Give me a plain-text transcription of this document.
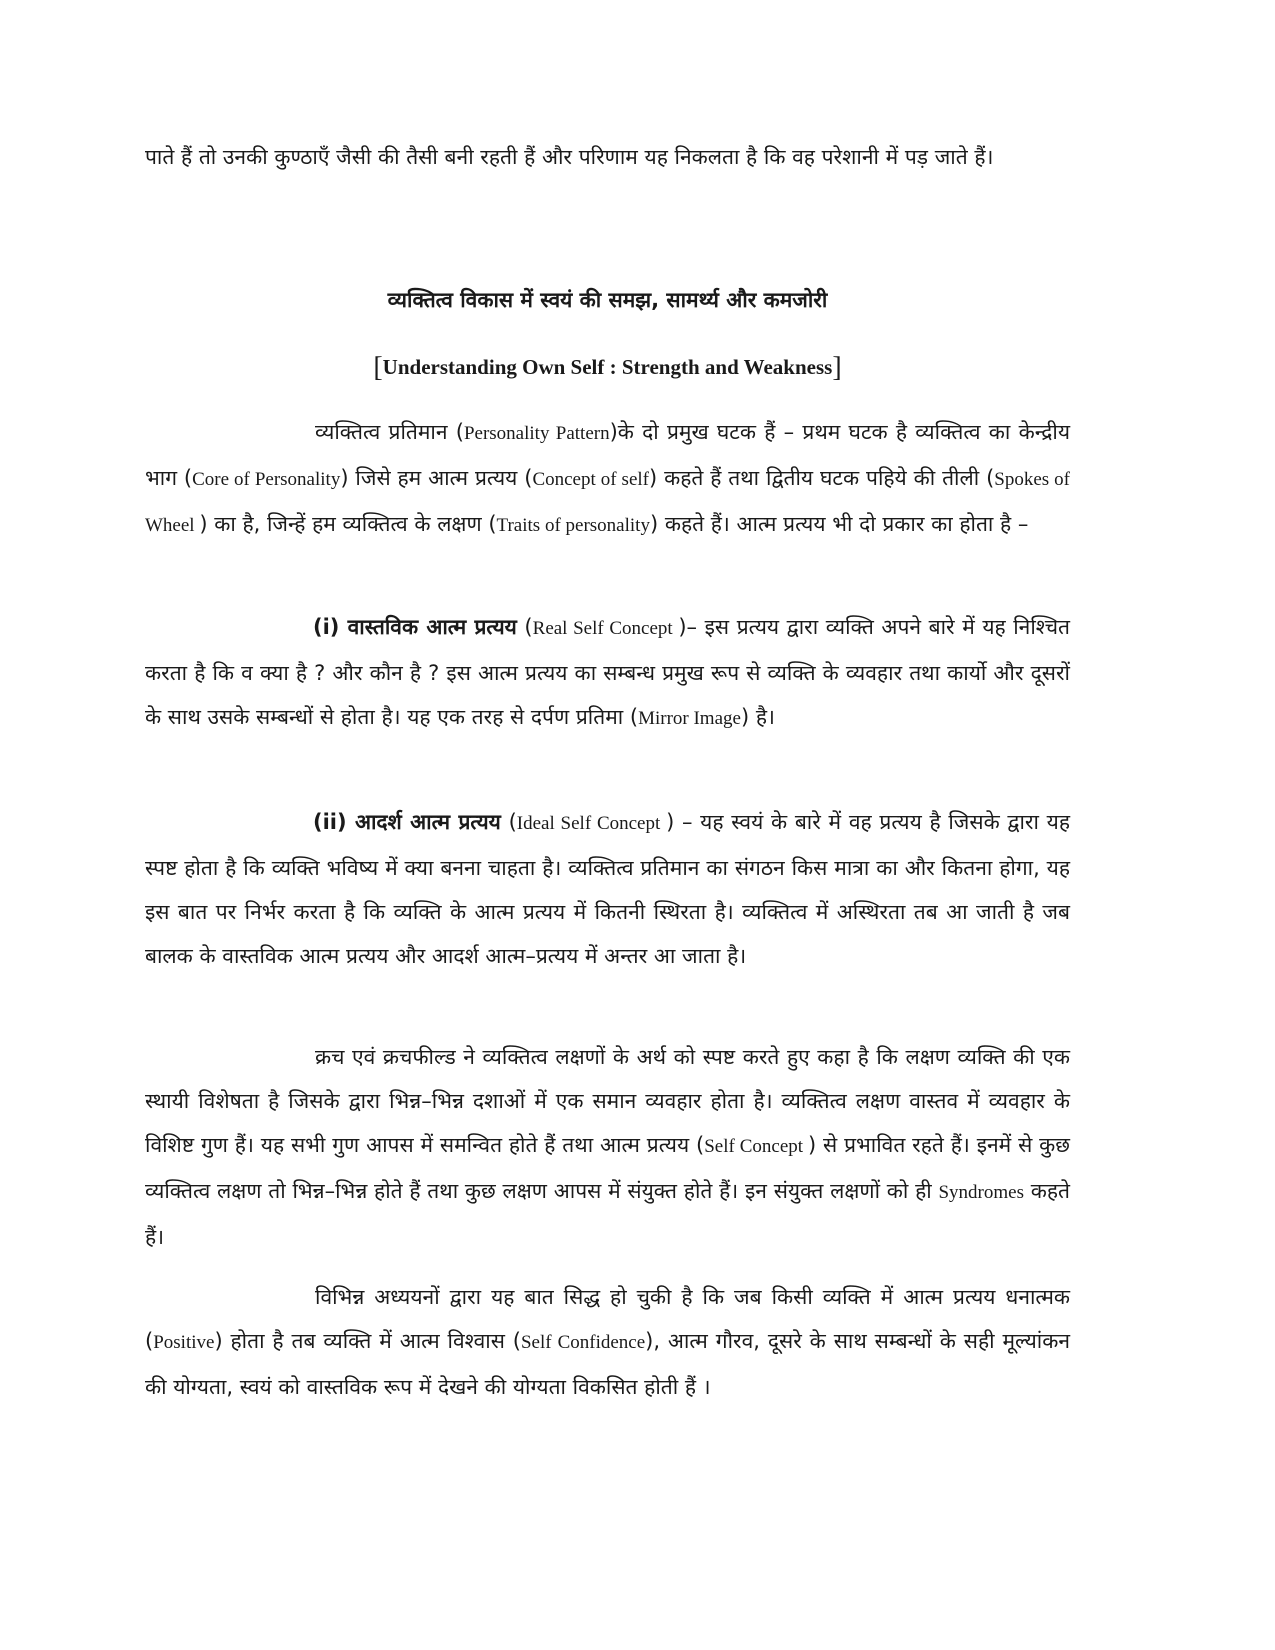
पाते हैं तो उनकी कुण्ठाएँ जैसी की तैसी बनी रहती हैं और परिणाम यह निकलता है कि वह परेशानी में पड़ जाते हैं।

व्यक्तित्व विकास में स्वयं की समझ, सामर्थ्य और कमजोरी
[Understanding Own Self : Strength and Weakness]

व्यक्तित्व प्रतिमान (Personality Pattern)के दो प्रमुख घटक हैं – प्रथम घटक है व्यक्तित्व का केन्द्रीय भाग (Core of Personality) जिसे हम आत्म प्रत्यय (Concept of self) कहते हैं तथा द्वितीय घटक पहिये की तीली (Spokes of Wheel ) का है, जिन्हें हम व्यक्तित्व के लक्षण (Traits of personality) कहते हैं। आत्म प्रत्यय भी दो प्रकार का होता है –

(i) वास्तविक आत्म प्रत्यय (Real Self Concept )– इस प्रत्यय द्वारा व्यक्ति अपने बारे में यह निश्चित करता है कि व क्या है ? और कौन है ? इस आत्म प्रत्यय का सम्बन्ध प्रमुख रूप से व्यक्ति के व्यवहार तथा कार्यो और दूसरों के साथ उसके सम्बन्धों से होता है। यह एक तरह से दर्पण प्रतिमा (Mirror Image) है।

(ii) आदर्श आत्म प्रत्यय (Ideal Self Concept ) – यह स्वयं के बारे में वह प्रत्यय है जिसके द्वारा यह स्पष्ट होता है कि व्यक्ति भविष्य में क्या बनना चाहता है। व्यक्तित्व प्रतिमान का संगठन किस मात्रा का और कितना होगा, यह इस बात पर निर्भर करता है कि व्यक्ति के आत्म प्रत्यय में कितनी स्थिरता है। व्यक्तित्व में अस्थिरता तब आ जाती है जब बालक के वास्तविक आत्म प्रत्यय और आदर्श आत्म–प्रत्यय में अन्तर आ जाता है।

क्रच एवं क्रचफील्ड ने व्यक्तित्व लक्षणों के अर्थ को स्पष्ट करते हुए कहा है कि लक्षण व्यक्ति की एक स्थायी विशेषता है जिसके द्वारा भिन्न–भिन्न दशाओं में एक समान व्यवहार होता है। व्यक्तित्व लक्षण वास्तव में व्यवहार के विशिष्ट गुण हैं। यह सभी गुण आपस में समन्वित होते हैं तथा आत्म प्रत्यय (Self Concept ) से प्रभावित रहते हैं। इनमें से कुछ व्यक्तित्व लक्षण तो भिन्न–भिन्न होते हैं तथा कुछ लक्षण आपस में संयुक्त होते हैं। इन संयुक्त लक्षणों को ही Syndromes कहते हैं।

विभिन्न अध्ययनों द्वारा यह बात सिद्ध हो चुकी है कि जब किसी व्यक्ति में आत्म प्रत्यय धनात्मक (Positive) होता है तब व्यक्ति में आत्म विश्वास (Self Confidence), आत्म गौरव, दूसरे के साथ सम्बन्धों के सही मूल्यांकन की योग्यता, स्वयं को वास्तविक रूप में देखने की योग्यता विकसित होती हैं ।
